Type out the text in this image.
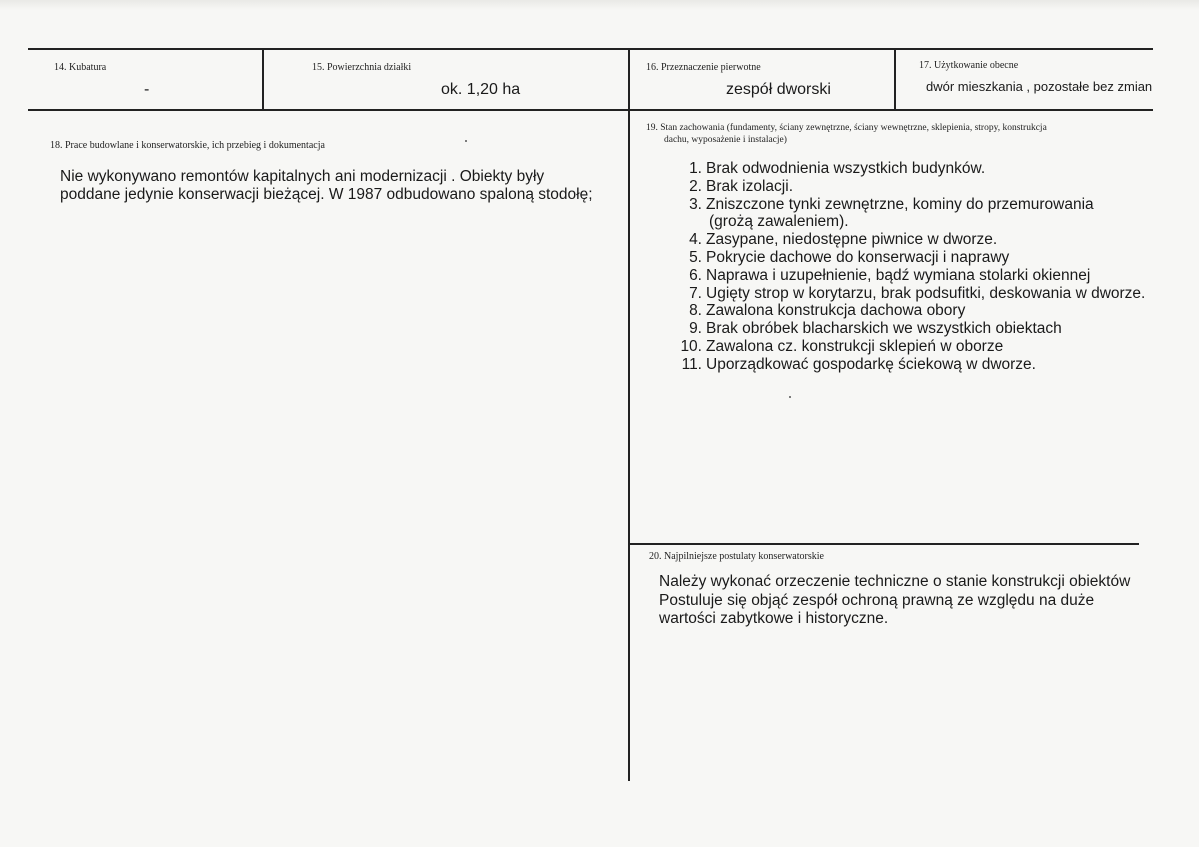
14. Kubatura
-
15. Powierzchnia działki
ok. 1,20 ha
16. Przeznaczenie pierwotne
zespół dworski
17. Użytkowanie obecne
dwór mieszkania , pozostałe bez zmian
18. Prace budowlane i konserwatorskie, ich przebieg i dokumentacja
Nie wykonywano remontów kapitalnych ani modernizacji . Obiekty były
poddane jedynie konserwacji bieżącej. W 1987 odbudowano spaloną stodołę;
19. Stan zachowania (fundamenty, ściany zewnętrzne, ściany wewnętrzne, sklepienia, stropy, konstrukcja
dachu, wyposażenie i instalacje)
1. Brak odwodnienia wszystkich budynków.
2. Brak izolacji.
3. Zniszczone tynki zewnętrzne, kominy do przemurowania
(grożą zawaleniem).
4. Zasypane, niedostępne piwnice w dworze.
5. Pokrycie dachowe do konserwacji i naprawy
6. Naprawa i uzupełnienie, bądź wymiana stolarki okiennej
7. Ugięty strop w korytarzu, brak podsufitki, deskowania w dworze.
8. Zawalona konstrukcja dachowa obory
9. Brak obróbek blacharskich we wszystkich obiektach
10. Zawalona cz. konstrukcji sklepień w oborze
11. Uporządkować gospodarkę ściekową w dworze.
20. Najpilniejsze postulaty konserwatorskie
Należy wykonać orzeczenie techniczne o stanie konstrukcji obiektów
Postuluje się objąć zespół ochroną prawną ze względu na duże
wartości zabytkowe i historyczne.
